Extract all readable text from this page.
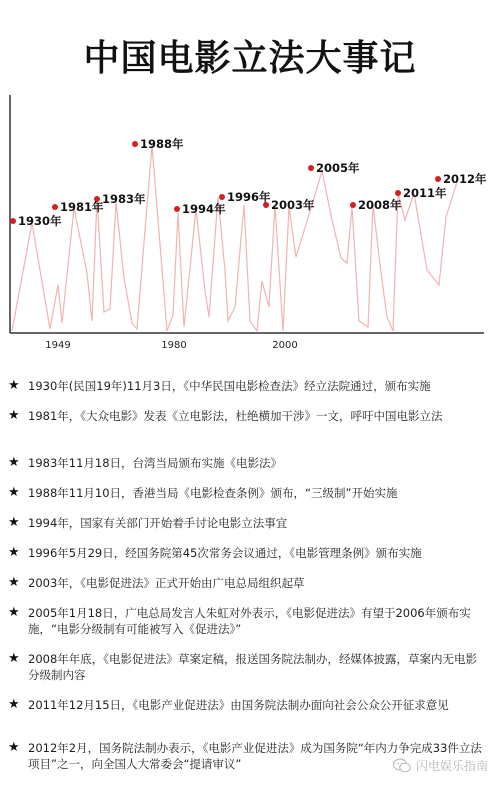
中国电影立法大事记
1930年
1981年
1983年
1988年
1994年
1996年
2003年
2005年
2008年
2011年
2012年
1949	1980	2000
★ 1930年(民国19年)11月3日，《中华民国电影检查法》经立法院通过，颁布实施
★ 1981年，《大众电影》发表《立电影法，杜绝横加干涉》一文，呼吁中国电影立法
★ 1983年11月18日，台湾当局颁布实施《电影法》
★ 1988年11月10日，香港当局《电影检查条例》颁布，“三级制”开始实施
★ 1994年，国家有关部门开始着手讨论电影立法事宜
★ 1996年5月29日，经国务院第45次常务会议通过，《电影管理条例》颁布实施
★ 2003年，《电影促进法》正式开始由广电总局组织起草
★ 2005年1月18日，广电总局发言人朱虹对外表示，《电影促进法》有望于2006年颁布实施，“电影分级制有可能被写入《促进法》”
★ 2008年年底，《电影促进法》草案定稿，报送国务院法制办，经媒体披露，草案内无电影分级制内容
★ 2011年12月15日，《电影产业促进法》由国务院法制办面向社会公众公开征求意见
★ 2012年2月，国务院法制办表示，《电影产业促进法》成为国务院“年内力争完成33件立法项目”之一，向全国人大常委会“提请审议”	闪电娱乐指南
